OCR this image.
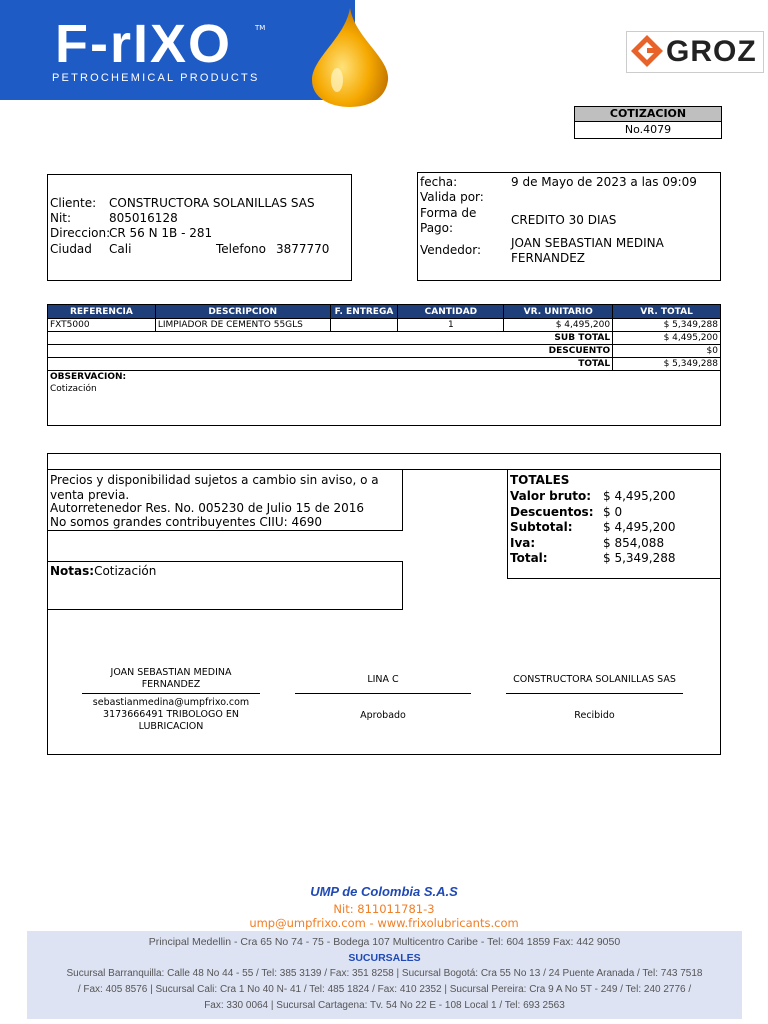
F-rIXO	TM
PETROCHEMICAL PRODUCTS
GROZ
COTIZACION
No.4079
Cliente: CONSTRUCTORA SOLANILLAS SAS
Nit:	805016128
Direccion:
CR 56 N 1B - 281
Ciudad Cali	Telefono 3877770
fecha:	9 de Mayo de 2023 a las 09:09
Valida por:
Forma de Pago:
CREDITO 30 DIAS
Vendedor:	JOAN SEBASTIAN MEDINA FERNANDEZ
REFERENCIA	DESCRIPCION	F. ENTREGA	CANTIDAD	VR. UNITARIO	VR. TOTAL
FXT5000	LIMPIADOR DE CEMENTO 55GLS		1	$ 4,495,200	$ 5,349,288
SUB TOTAL					$ 4,495,200
DESCUENTO					$0
TOTAL					$ 5,349,288

OBSERVACION:
Cotización					
Precios y disponibilidad sujetos a cambio sin aviso, o a venta previa.
Autorretenedor Res. No. 005230 de Julio 15 de 2016
No somos grandes contribuyentes CIIU: 4690
Notas:Cotización
TOTALES
Valor bruto: $ 4,495,200
Descuentos: $ 0
Subtotal:	$ 4,495,200
Iva:	$ 854,088
Total:	$ 5,349,288
JOAN SEBASTIAN MEDINA FERNANDEZ
sebastianmedina@umpfrixo.com 3173666491 TRIBOLOGO EN LUBRICACION
LINA C
Aprobado
CONSTRUCTORA SOLANILLAS SAS
Recibido
UMP de Colombia S.A.S
Nit: 811011781-3
ump@umpfrixo.com - www.frixolubricants.com
Principal Medellin - Cra 65 No 74 - 75 - Bodega 107 Multicentro Caribe - Tel: 604 1859 Fax: 442 9050
SUCURSALES
Sucursal Barranquilla: Calle 48 No 44 - 55 / Tel: 385 3139 / Fax: 351 8258 | Sucursal Bogotá: Cra 55 No 13 / 24 Puente Aranada / Tel: 743 7518
/ Fax: 405 8576 | Sucursal Cali: Cra 1 No 40 N- 41 / Tel: 485 1824 / Fax: 410 2352 | Sucursal Pereira: Cra 9 A No 5T - 249 / Tel: 240 2776 /
Fax: 330 0064 | Sucursal Cartagena: Tv. 54 No 22 E - 108 Local 1 / Tel: 693 2563
